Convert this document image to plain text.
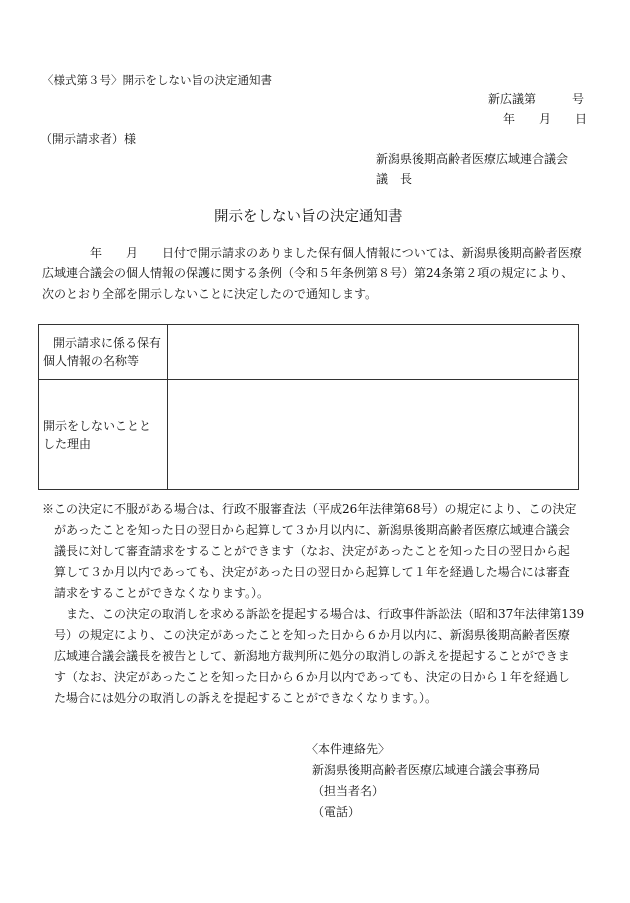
〈様式第３号〉開示をしない旨の決定通知書
新広議第　　　号
年　　月　　日
（開示請求者）様
新潟県後期高齢者医療広域連合議会
議　長
開示をしない旨の決定通知書
　　　　年　　月　　日付で開示請求のありました保有個人情報については、新潟県後期高齢者医療
広域連合議会の個人情報の保護に関する条例（令和５年条例第８号）第24条第２項の規定により、
次のとおり全部を開示しないことに決定したので通知します。
開示請求に係る保有
個人情報の名称等	

開示をしないことと
した理由	

※この決定に不服がある場合は、行政不服審査法（平成26年法律第68号）の規定により、この決定
があったことを知った日の翌日から起算して３か月以内に、新潟県後期高齢者医療広域連合議会
議長に対して審査請求をすることができます（なお、決定があったことを知った日の翌日から起
算して３か月以内であっても、決定があった日の翌日から起算して１年を経過した場合には審査
請求をすることができなくなります。）。
また、この決定の取消しを求める訴訟を提起する場合は、行政事件訴訟法（昭和37年法律第139
号）の規定により、この決定があったことを知った日から６か月以内に、新潟県後期高齢者医療
広域連合議会議長を被告として、新潟地方裁判所に処分の取消しの訴えを提起することができま
す（なお、決定があったことを知った日から６か月以内であっても、決定の日から１年を経過し
た場合には処分の取消しの訴えを提起することができなくなります。）。
〈本件連絡先〉
新潟県後期高齢者医療広域連合議会事務局
（担当者名）
（電話）
